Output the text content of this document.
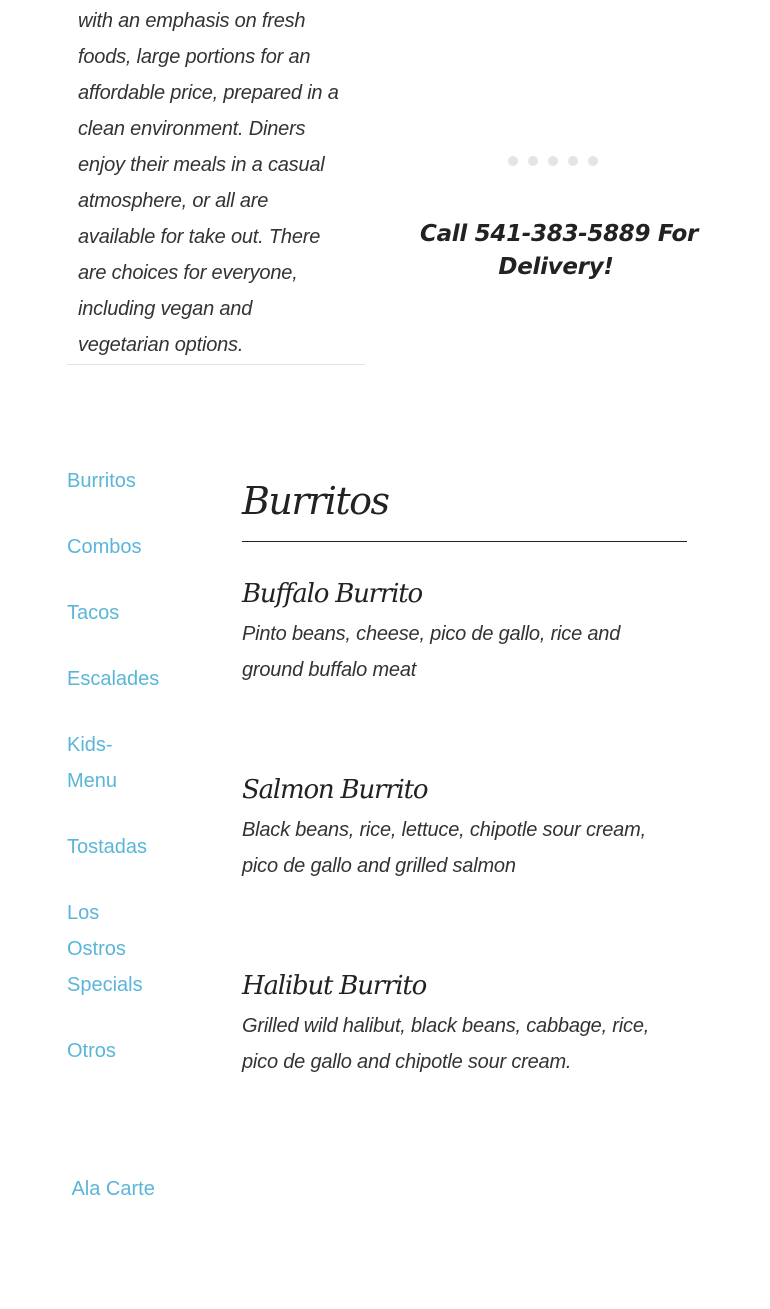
with an emphasis on fresh
foods, large portions for an
affordable price, prepared in a
clean environment. Diners
enjoy their meals in a casual
atmosphere, or all are
available for take out. There
are choices for everyone,
including vegan and
vegetarian options.

Call 541-383-5889 For
Delivery!
Burritos
Combos
Tacos
Escalades
Kids-
Menu
Tostadas
Los
Ostros
Specials
Otros

Ala Carte

Burritos
Buffalo Burrito

Pinto beans, cheese, pico de gallo, rice and
ground buffalo meat

Salmon Burrito

Black beans, rice, lettuce, chipotle sour cream,
pico de gallo and grilled salmon

Halibut Burrito

Grilled wild halibut, black beans, cabbage, rice,
pico de gallo and chipotle sour cream.
